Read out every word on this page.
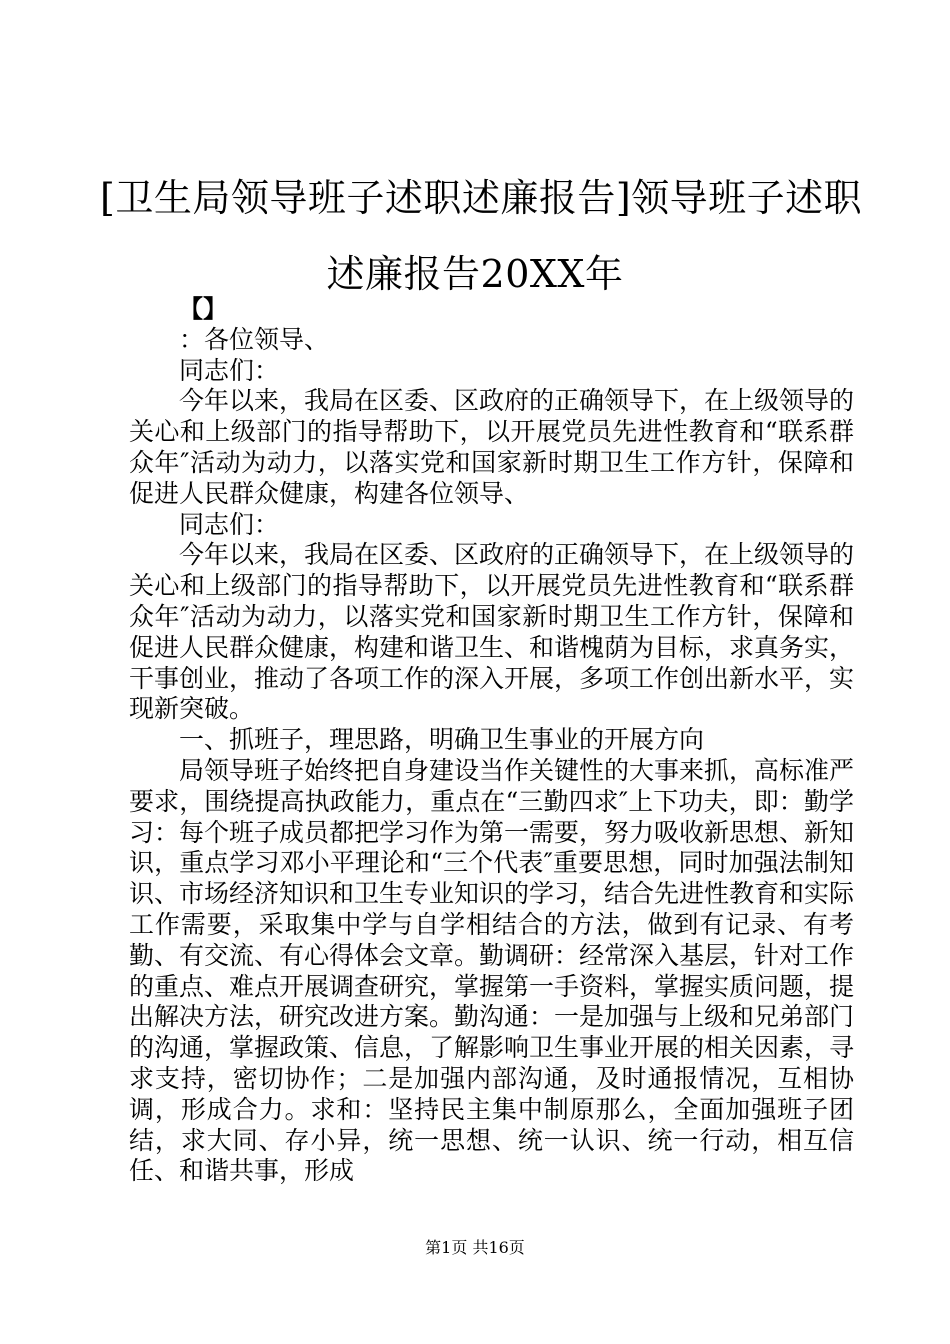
[卫生局领导班子述职述廉报告]领导班子述职
述廉报告20XX年

【】

：各位领导、

同志们：

今年以来，我局在区委、区政府的正确领导下，在上级领导的关心和上级部门的指导帮助下，以开展党员先进性教育和“联系群众年″活动为动力，以落实党和国家新时期卫生工作方针，保障和促进人民群众健康，构建各位领导、

同志们：

今年以来，我局在区委、区政府的正确领导下，在上级领导的关心和上级部门的指导帮助下，以开展党员先进性教育和“联系群众年″活动为动力，以落实党和国家新时期卫生工作方针，保障和促进人民群众健康，构建和谐卫生、和谐槐荫为目标，求真务实，干事创业，推动了各项工作的深入开展，多项工作创出新水平，实现新突破。

一、抓班子，理思路，明确卫生事业的开展方向

局领导班子始终把自身建设当作关键性的大事来抓，高标准严要求，围绕提高执政能力，重点在“三勤四求″上下功夫，即：勤学习：每个班子成员都把学习作为第一需要，努力吸收新思想、新知识，重点学习邓小平理论和“三个代表″重要思想，同时加强法制知识、市场经济知识和卫生专业知识的学习，结合先进性教育和实际工作需要，采取集中学与自学相结合的方法，做到有记录、有考勤、有交流、有心得体会文章。勤调研：经常深入基层，针对工作的重点、难点开展调查研究，掌握第一手资料，掌握实质问题，提出解决方法，研究改进方案。勤沟通：一是加强与上级和兄弟部门的沟通，掌握政策、信息，了解影响卫生事业开展的相关因素，寻求支持，密切协作；二是加强内部沟通，及时通报情况，互相协调，形成合力。求和：坚持民主集中制原那么，全面加强班子团结，求大同、存小异，统一思想、统一认识、统一行动，相互信任、和谐共事，形成

第1页 共16页
